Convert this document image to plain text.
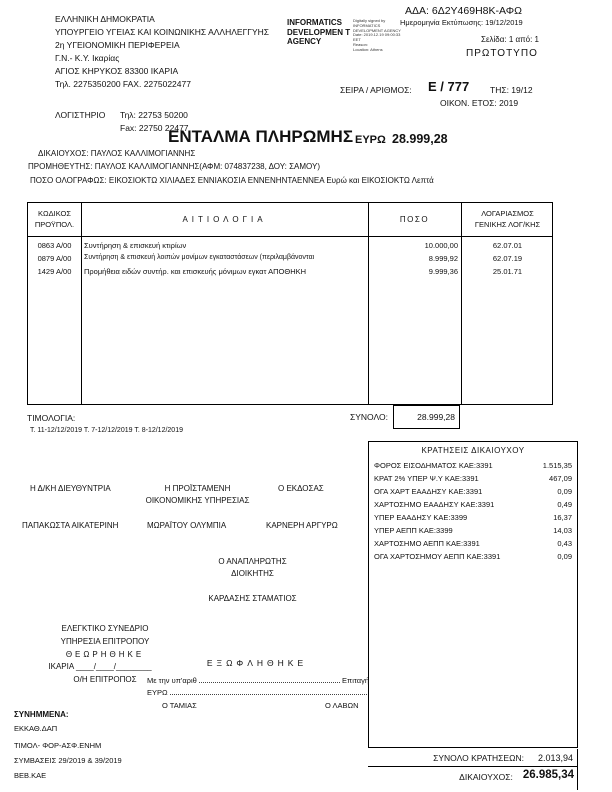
ΕΛΛΗΝΙΚΗ ΔΗΜΟΚΡΑΤΙΑ
ΥΠΟΥΡΓΕΙΟ ΥΓΕΙΑΣ ΚΑΙ ΚΟΙΝΩΝΙΚΗΣ ΑΛΛΗΛΕΓΓΥΗΣ
2η ΥΓΕΙΟΝΟΜΙΚΗ ΠΕΡΙΦΕΡΕΙΑ
Γ.Ν.- Κ.Υ. Ικαρίας
ΑΓΙΟΣ ΚΗΡΥΚΟΣ 83300 ΙΚΑΡΙΑ
Τηλ. 2275350200 FAX. 2275022477
ΛΟΓΙΣΤΗΡΙΟ Τηλ: 22753 50200
Fax: 22750 22477
INFORMATICS DEVELOPMEN T AGENCY
Digitally signed by
INFORMATICS
DEVELOPMENT AGENCY
Date: 2019.12.19 09:00:33
EET
Reason:
Location: Athens
ΑΔΑ: 6Δ2Υ469Η8Κ-ΑΦΩ
Ημερομηνία Εκτύπωσης: 19/12/2019
Σελίδα: 1 από: 1
ΠΡΩΤΟΤΥΠΟ
ΣΕΙΡΑ / ΑΡΙΘΜΟΣ: Ε / 777 ΤΗΣ: 19/12
ΟΙΚΟΝ. ΕΤΟΣ: 2019
ΕΝΤΑΛΜΑ ΠΛΗΡΩΜΗΣ ΕΥΡΩ 28.999,28
ΔΙΚΑΙΟΥΧΟΣ: ΠΑΥΛΟΣ ΚΑΛΛΙΜΟΓΙΑΝΝΗΣ
ΠΡΟΜΗΘΕΥΤΗΣ: ΠΑΥΛΟΣ ΚΑΛΛΙΜΟΓΙΑΝΝΗΣ(ΑΦΜ: 074837238, ΔΟΥ: ΣΑΜΟΥ)
ΠΟΣΟ ΟΛΟΓΡΑΦΩΣ: ΕΙΚΟΣΙΟΚΤΩ ΧΙΛΙΑΔΕΣ ΕΝΝΙΑΚΟΣΙΑ ΕΝΝΕΝΗΝΤΑΕΝΝΕΑ Ευρώ και ΕΙΚΟΣΙΟΚΤΩ Λεπτά
ΚΩΔΙΚΟΣ
ΠΡΟΫΠΟΛ.
ΑΙΤΙΟΛΟΓΙΑ	ΠΟΣΟ
ΛΟΓΑΡΙΑΣΜΟΣ
ΓΕΝΙΚΗΣ ΛΟΓ/ΚΗΣ
0863 Α/00	Συντήρηση & επισκευή κτιρίων	10.000,00	62.07.01
0879 Α/00	Συντήρηση & επισκευή λοιπών μονίμων εγκαταστάσεων (περιλαμβάνονται	8.999,92	62.07.19
1429 Α/00	Προμήθεια ειδών συντήρ. και επισκευής μόνιμων εγκατ ΑΠΟΘΗΚΗ	9.999,36	25.01.71
ΣΥΝΟΛΟ:	28.999,28
ΤΙΜΟΛΟΓΙΑ:
Τ. 11-12/12/2019 Τ. 7-12/12/2019 Τ. 8-12/12/2019
ΚΡΑΤΗΣΕΙΣ ΔΙΚΑΙΟΥΧΟΥ
ΦΟΡΟΣ ΕΙΣΟΔΗΜΑΤΟΣ ΚΑΕ:3391	1.515,35
ΚΡΑΤ 2% ΥΠΕΡ Ψ.Υ ΚΑΕ:3391	467,09
ΟΓΑ ΧΑΡΤ ΕΑΑΔΗΣΥ ΚΑΕ:3391	0,09
ΧΑΡΤΟΣΗΜΟ ΕΑΑΔΗΣΥ ΚΑΕ:3391	0,49
ΥΠΕΡ ΕΑΑΔΗΣΥ ΚΑΕ:3399	16,37
ΥΠΕΡ ΑΕΠΠ ΚΑΕ:3399	14,03
ΧΑΡΤΟΣΗΜΟ ΑΕΠΠ ΚΑΕ:3391	0,43
ΟΓΑ ΧΑΡΤΟΣΗΜΟΥ ΑΕΠΠ ΚΑΕ:3391	0,09
ΣΥΝΟΛΟ ΚΡΑΤΗΣΕΩΝ: 2.013,94
ΔΙΚΑΙΟΥΧΟΣ: 26.985,34
Η Δ/ΚΗ ΔΙΕΥΘΥΝΤΡΙΑ	Η ΠΡΟΪΣΤΑΜΕΝΗ
ΟΙΚΟΝΟΜΙΚΗΣ ΥΠΗΡΕΣΙΑΣ
Ο ΕΚΔΟΣΑΣ
ΠΑΠΑΚΩΣΤΑ ΑΙΚΑΤΕΡΙΝΗ	ΜΩΡΑΪΤΟΥ ΟΛΥΜΠΙΑ	ΚΑΡΝΕΡΗ ΑΡΓΥΡΩ
Ο ΑΝΑΠΛΗΡΩΤΗΣ
ΔΙΟΙΚΗΤΗΣ
ΚΑΡΔΑΣΗΣ ΣΤΑΜΑΤΙΟΣ
ΕΛΕΓΚΤΙΚΟ ΣΥΝΕΔΡΙΟ
ΥΠΗΡΕΣΙΑ ΕΠΙΤΡΟΠΟΥ
ΘΕΩΡΗΘΗΚΕ
ΙΚΑΡΙΑ ____/____/________
Ο/Η ΕΠΙΤΡΟΠΟΣ
ΕΞΩΦΛΗΘΗΚΕ
Με την υπ'αριθ	Επιταγή
ΕΥΡΩ
Ο ΤΑΜΙΑΣ	Ο ΛΑΒΩΝ
ΣΥΝΗΜΜΕΝΑ:
ΕΚΚΑΘ.ΔΑΠ
ΤΙΜΟΛ- ΦΟΡ-ΑΣΦ.ΕΝΗΜ
ΣΥΜΒΑΣΕΙΣ 29/2019 & 39/2019
ΒΕΒ.ΚΑΕ
